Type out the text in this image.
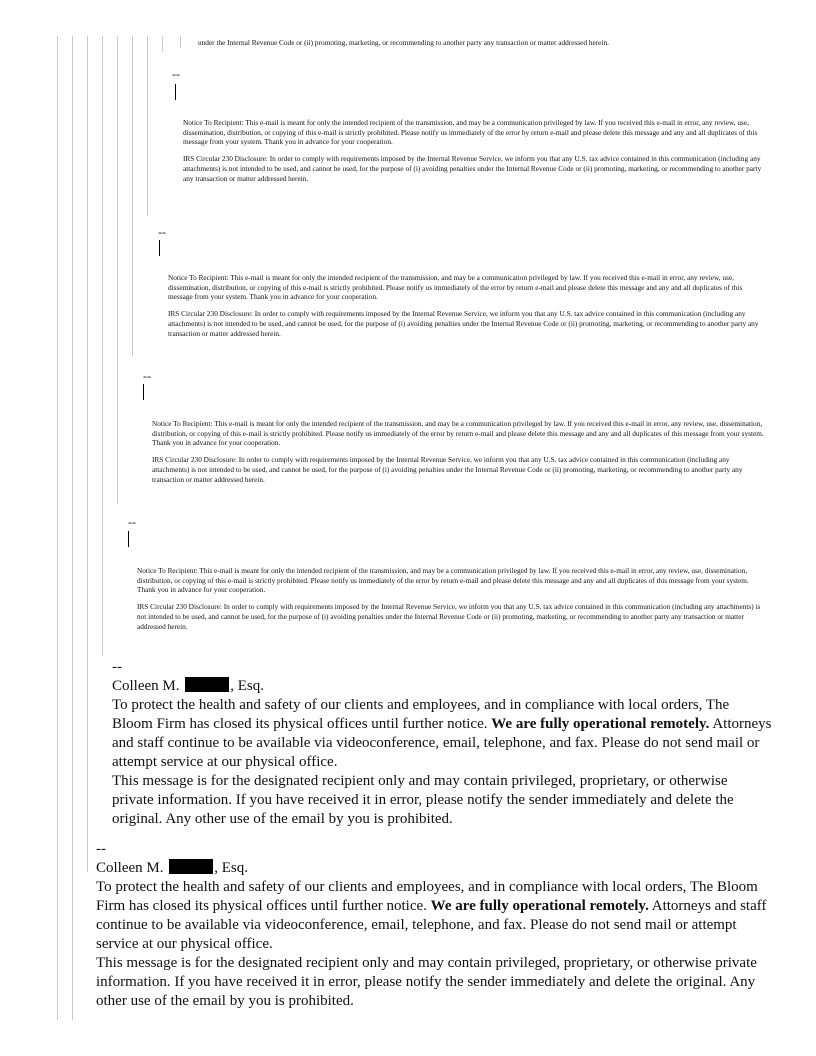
under the Internal Revenue Code or (ii) promoting, marketing, or recommending to another party any transaction or matter addressed herein.

--

Notice To Recipient: This e-mail is meant for only the intended recipient of the transmission, and may be a communication privileged by law. If you received this e-mail in error, any review, use, dissemination, distribution, or copying of this e-mail is strictly prohibited. Please notify us immediately of the error by return e-mail and please delete this message and any and all duplicates of this message from your system. Thank you in advance for your cooperation.

IRS Circular 230 Disclosure: In order to comply with requirements imposed by the Internal Revenue Service, we inform you that any U.S. tax advice contained in this communication (including any attachments) is not intended to be used, and cannot be used, for the purpose of (i) avoiding penalties under the Internal Revenue Code or (ii) promoting, marketing, or recommending to another party any transaction or matter addressed herein.

--

Notice To Recipient: This e-mail is meant for only the intended recipient of the transmission, and may be a communication privileged by law. If you received this e-mail in error, any review, use, dissemination, distribution, or copying of this e-mail is strictly prohibited. Please notify us immediately of the error by return e-mail and please delete this message and any and all duplicates of this message from your system. Thank you in advance for your cooperation.

IRS Circular 230 Disclosure: In order to comply with requirements imposed by the Internal Revenue Service, we inform you that any U.S. tax advice contained in this communication (including any attachments) is not intended to be used, and cannot be used, for the purpose of (i) avoiding penalties under the Internal Revenue Code or (ii) promoting, marketing, or recommending to another party any transaction or matter addressed herein.

--

Notice To Recipient: This e-mail is meant for only the intended recipient of the transmission, and may be a communication privileged by law. If you received this e-mail in error, any review, use, dissemination, distribution, or copying of this e-mail is strictly prohibited. Please notify us immediately of the error by return e-mail and please delete this message and any and all duplicates of this message from your system. Thank you in advance for your cooperation.

IRS Circular 230 Disclosure: In order to comply with requirements imposed by the Internal Revenue Service, we inform you that any U.S. tax advice contained in this communication (including any attachments) is not intended to be used, and cannot be used, for the purpose of (i) avoiding penalties under the Internal Revenue Code or (ii) promoting, marketing, or recommending to another party any transaction or matter addressed herein.

--

Notice To Recipient: This e-mail is meant for only the intended recipient of the transmission, and may be a communication privileged by law. If you received this e-mail in error, any review, use, dissemination, distribution, or copying of this e-mail is strictly prohibited. Please notify us immediately of the error by return e-mail and please delete this message and any and all duplicates of this message from your system. Thank you in advance for your cooperation.

IRS Circular 230 Disclosure: In order to comply with requirements imposed by the Internal Revenue Service, we inform you that any U.S. tax advice contained in this communication (including any attachments) is not intended to be used, and cannot be used, for the purpose of (i) avoiding penalties under the Internal Revenue Code or (ii) promoting, marketing, or recommending to another party any transaction or matter addressed herein.

--

Colleen M.	, Esq.

To protect the health and safety of our clients and employees, and in compliance with local orders, The Bloom Firm has closed its physical offices until further notice. We are fully operational remotely. Attorneys and staff continue to be available via videoconference, email, telephone, and fax. Please do not send mail or attempt service at our physical office.

This message is for the designated recipient only and may contain privileged, proprietary, or otherwise private information. If you have received it in error, please notify the sender immediately and delete the original. Any other use of the email by you is prohibited.

--

Colleen M.	, Esq.

To protect the health and safety of our clients and employees, and in compliance with local orders, The Bloom Firm has closed its physical offices until further notice. We are fully operational remotely. Attorneys and staff continue to be available via videoconference, email, telephone, and fax. Please do not send mail or attempt service at our physical office.

This message is for the designated recipient only and may contain privileged, proprietary, or otherwise private information. If you have received it in error, please notify the sender immediately and delete the original. Any other use of the email by you is prohibited.
